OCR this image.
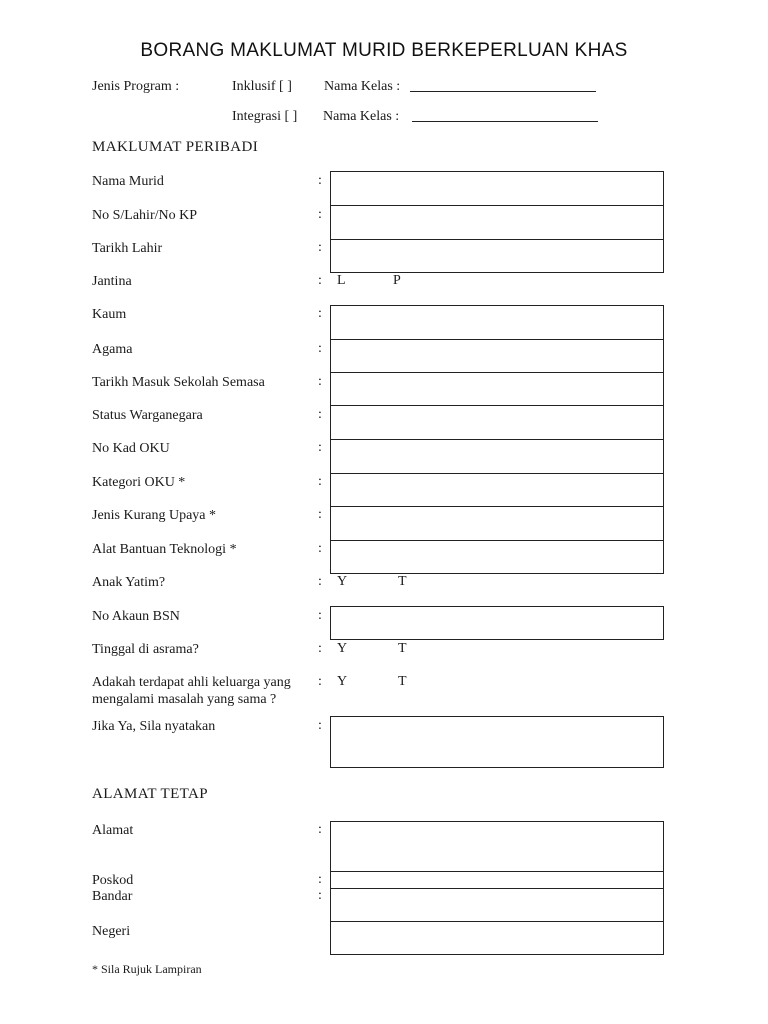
BORANG MAKLUMAT MURID BERKEPERLUAN KHAS
Jenis Program :	Inklusif [ ] Nama Kelas :
Integrasi [ ] Nama Kelas :
MAKLUMAT PERIBADI
Nama Murid	:
No S/Lahir/No KP	:
Tarikh Lahir	:
Jantina	: L	P
Kaum	:
Agama	:
Tarikh Masuk Sekolah Semasa	:
Status Warganegara	:
No Kad OKU	:
Kategori OKU *	:
Jenis Kurang Upaya *	:
Alat Bantuan Teknologi *	:
Anak Yatim?	: Y	T
No Akaun BSN	:
Tinggal di asrama?	: Y	T
Adakah terdapat ahli keluarga yang
mengalami masalah yang sama ?
: Y	T
Jika Ya, Sila nyatakan	:
ALAMAT TETAP
Alamat	:
Poskod	:
Bandar	:
Negeri
* Sila Rujuk Lampiran
